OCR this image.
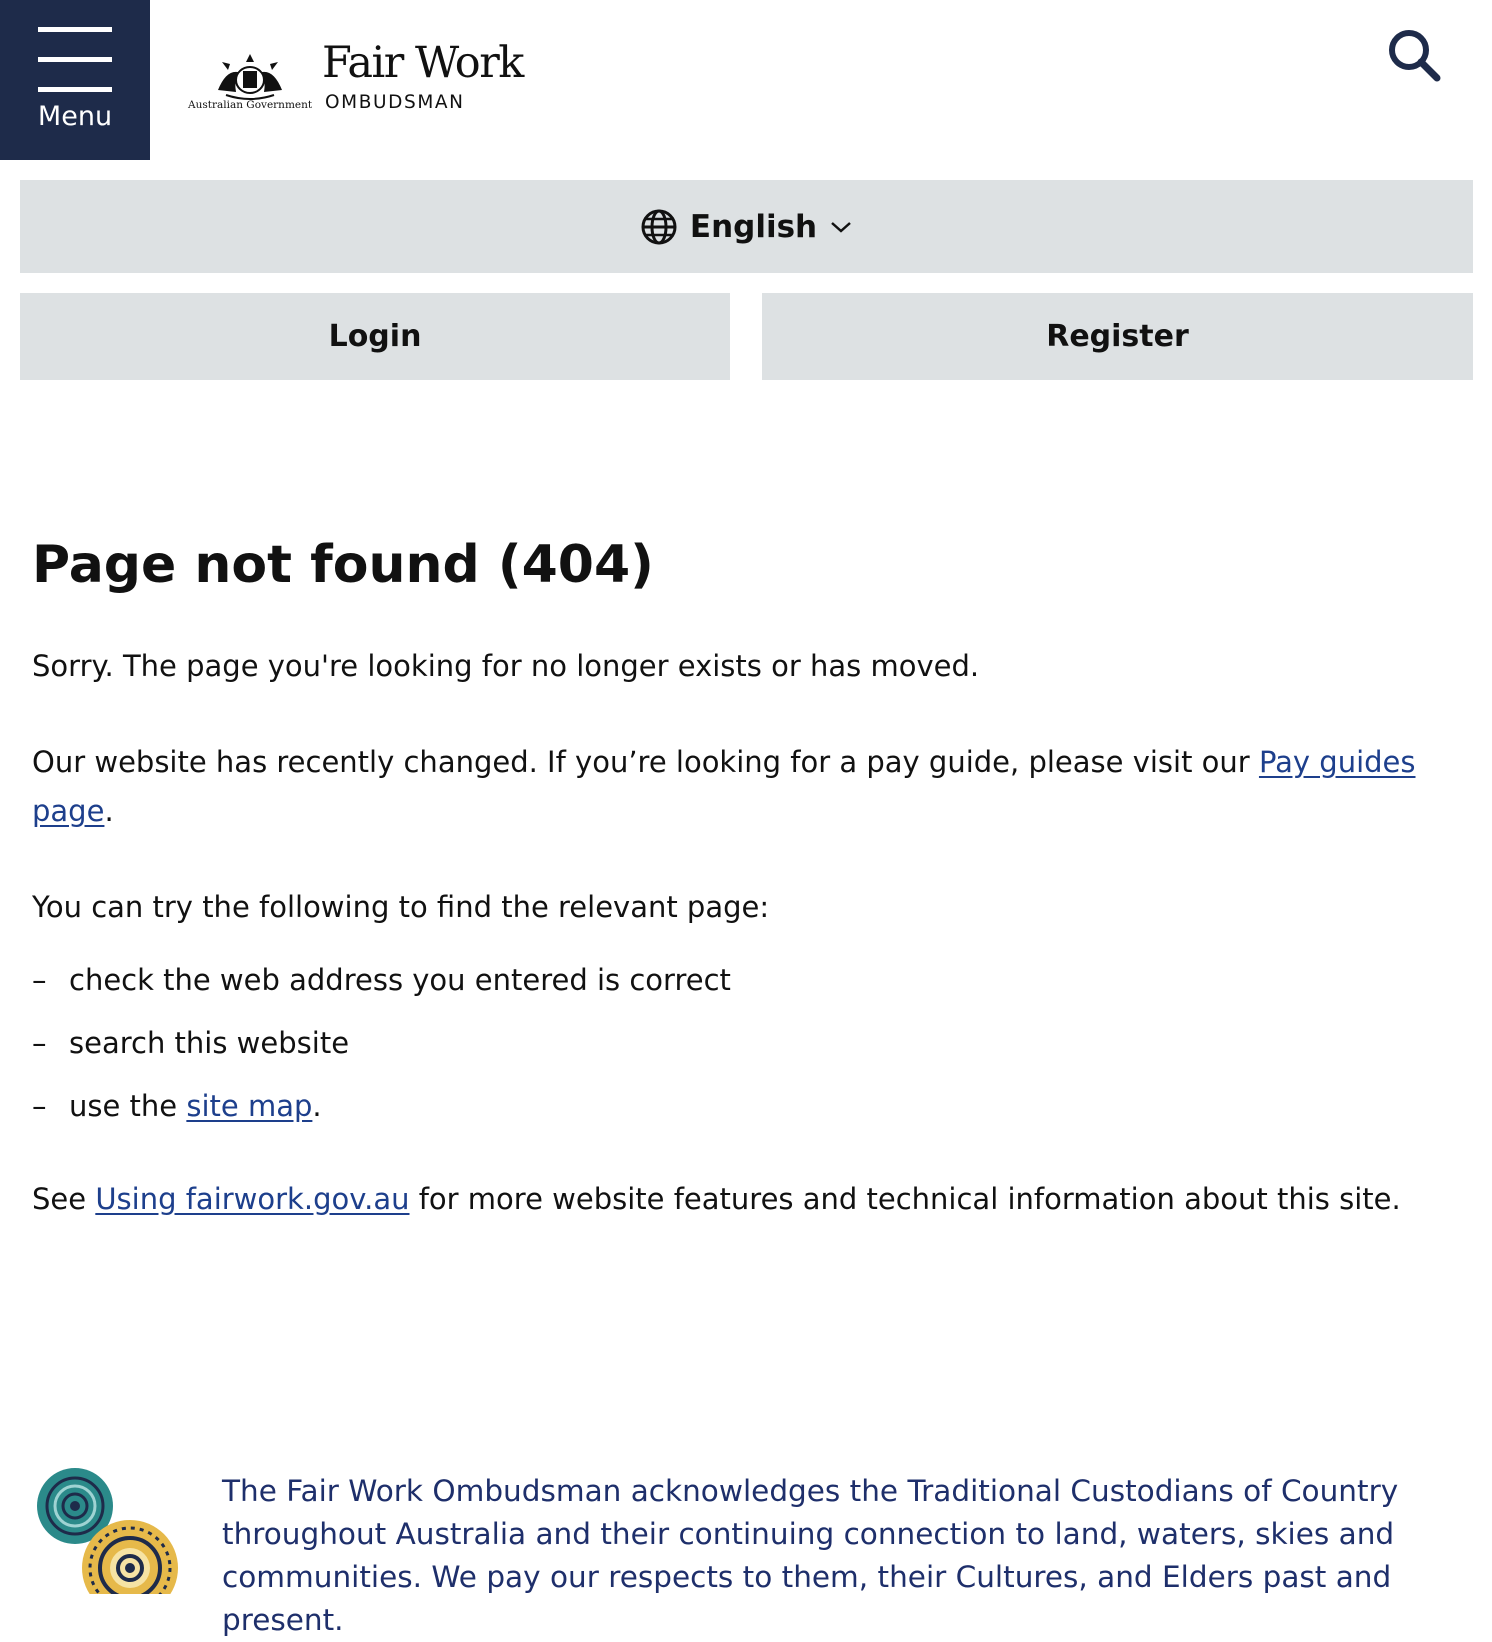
Menu	Australian Government
Fair Work
OMBUDSMAN
English
Login	Register
Page not found (404)

Sorry. The page you're looking for no longer exists or has moved.

Our website has recently changed. If you’re looking for a pay guide, please visit our Pay guides page.

You can try the following to find the relevant page:

– check the web address you entered is correct
– search this website
– use the site map.

See Using fairwork.gov.au for more website features and technical information about this site.

The Fair Work Ombudsman acknowledges the Traditional Custodians of Country throughout Australia and their continuing connection to land, waters, skies and communities. We pay our respects to them, their Cultures, and Elders past and present.
